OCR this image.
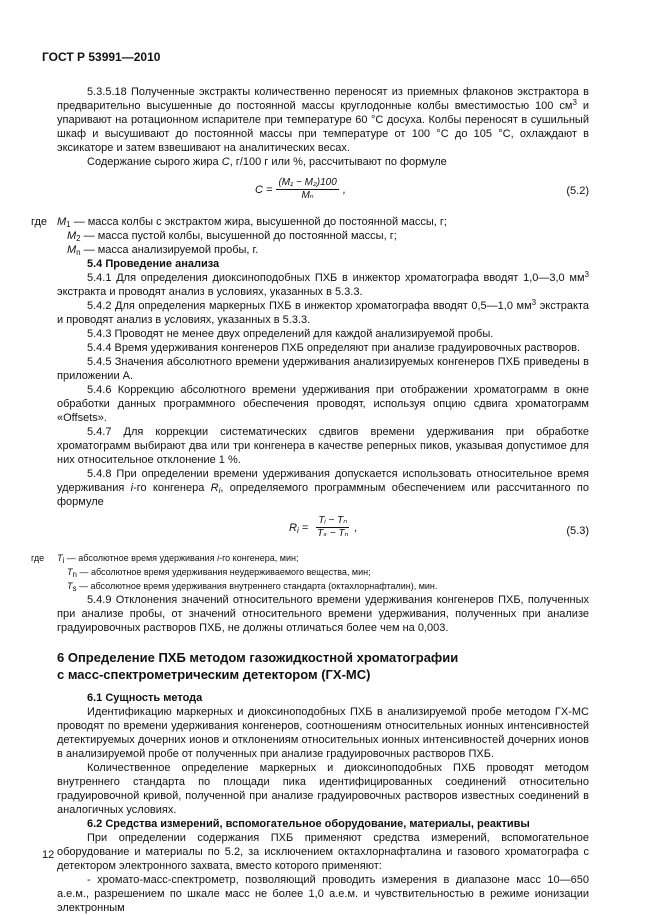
ГОСТ Р 53991—2010

5.3.5.18 Полученные экстракты количественно переносят из приемных флаконов экстрактора в предварительно высушенные до постоянной массы круглодонные колбы вместимостью 100 $см^3$ и упаривают на ротационном испарителе при температуре 60 °С досуха. Колбы переносят в сушильный шкаф и высушивают до постоянной массы при температуре от 100 °С до 105 °С, охлаждают в эксикаторе и затем взвешивают на аналитических весах.

Содержание сырого жира С, г/100 г или %, рассчитывают по формуле

$C = \frac{\text{(M₁ − M₂)100}}{\text{Mₙ}}$ ,	(5.2)
где $M_1$ — масса колбы с экстрактом жира, высушенной до постоянной массы, г;
$M_2$ — масса пустой колбы, высушенной до постоянной массы, г;
$M_n$ — масса анализируемой пробы, г.

5.4 Проведение анализа

5.4.1 Для определения диоксиноподобных ПХБ в инжектор хроматографа вводят 1,0—3,0 $мм^3$ экстракта и проводят анализ в условиях, указанных в 5.3.3.

5.4.2 Для определения маркерных ПХБ в инжектор хроматографа вводят 0,5—1,0 $мм^3$ экстракта и проводят анализ в условиях, указанных в 5.3.3.

5.4.3 Проводят не менее двух определений для каждой анализируемой пробы.

5.4.4 Время удерживания конгенеров ПХБ определяют при анализе градуировочных растворов.

5.4.5 Значения абсолютного времени удерживания анализируемых конгенеров ПХБ приведены в приложении А.

5.4.6 Коррекцию абсолютного времени удерживания при отображении хроматограмм в окне обработки данных программного обеспечения проводят, используя опцию сдвига хроматограмм «Offsets».

5.4.7 Для коррекции систематических сдвигов времени удерживания при обработке хроматограмм выбирают два или три конгенера в качестве реперных пиков, указывая допустимое для них относительное отклонение 1 %.

5.4.8 При определении времени удерживания допускается использовать относительное время удерживания i-го конгенера $R_i$, определяемого программным обеспечением или рассчитанного по формуле

$R_i = \frac{\text{Tᵢ − Tₙ}}{\text{Tₛ − Tₙ}}$ ,	(5.3)
где Ti — абсолютное время удерживания i-го конгенера, мин;
Tn — абсолютное время удерживания неудерживаемого вещества, мин;
Ts — абсолютное время удерживания внутреннего стандарта (октахлорнафталин), мин.

5.4.9 Отклонения значений относительного времени удерживания конгенеров ПХБ, полученных при анализе пробы, от значений относительного времени удерживания, полученных при анализе градуировочных растворов ПХБ, не должны отличаться более чем на 0,003.

6 Определение ПХБ методом газожидкостной хроматографии
с масс-спектрометрическим детектором (ГХ-МС)

6.1 Сущность метода

Идентификацию маркерных и диоксиноподобных ПХБ в анализируемой пробе методом ГХ-МС проводят по времени удерживания конгенеров, соотношениям относительных ионных интенсивностей детектируемых дочерних ионов и отклонениям относительных ионных интенсивностей дочерних ионов в анализируемой пробе от полученных при анализе градуировочных растворов ПХБ.

Количественное определение маркерных и диоксиноподобных ПХБ проводят методом внутреннего стандарта по площади пика идентифицированных соединений относительно градуировочной кривой, полученной при анализе градуировочных растворов известных соединений в аналогичных условиях.

6.2 Средства измерений, вспомогательное оборудование, материалы, реактивы

При определении содержания ПХБ применяют средства измерений, вспомогательное оборудование и материалы по 5.2, за исключением октахлорнафталина и газового хроматографа с детектором электронного захвата, вместо которого применяют:

- хромато-масс-спектрометр, позволяющий проводить измерения в диапазоне масс 10—650 а.е.м., разрешением по шкале масс не более 1,0 а.е.м. и чувствительностью в режиме ионизации электронным

12
